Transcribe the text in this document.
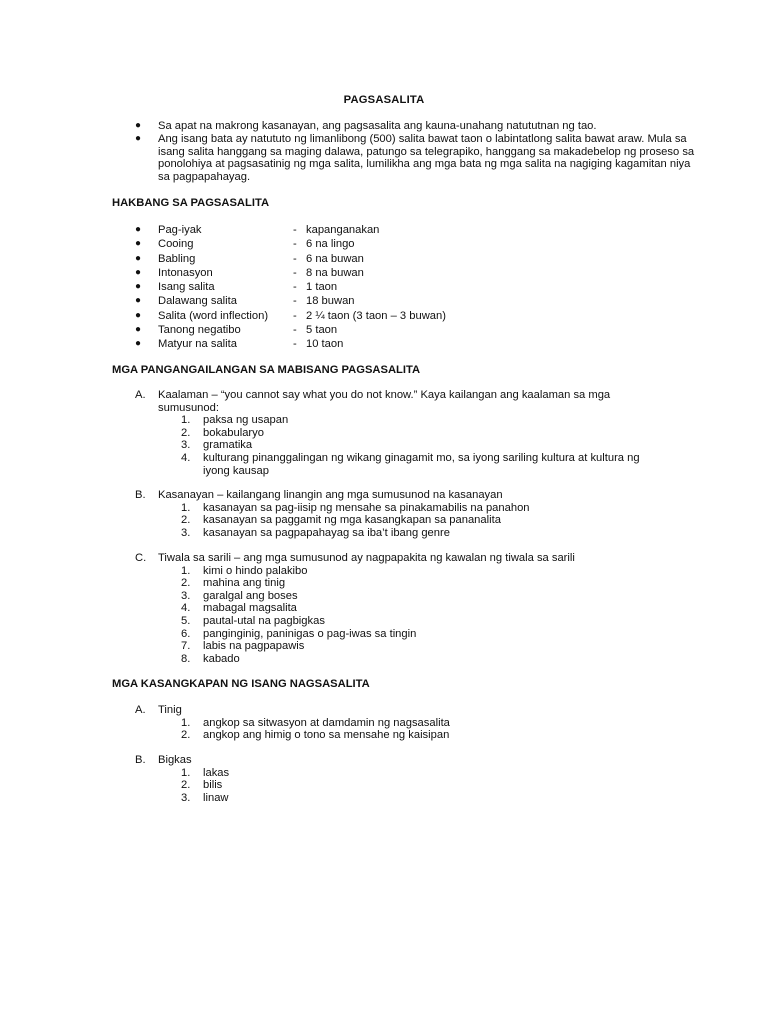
PAGSASALITA
●	Sa apat na makrong kasanayan, ang pagsasalita ang kauna-unahang natututnan ng tao.
●	Ang isang bata ay natututo ng limanlibong (500) salita bawat taon o labintatlong salita bawat araw. Mula sa isang salita hanggang sa maging dalawa, patungo sa telegrapiko, hanggang sa makadebelop ng proseso sa ponolohiya at pagsasatinig ng mga salita, lumilikha ang mga bata ng mga salita na nagiging kagamitan niya sa pagpapahayag.
HAKBANG SA PAGSASALITA
●	Pag-iyak	- kapanganakan
●	Cooing	- 6 na lingo
●	Babling	- 6 na buwan
●	Intonasyon	- 8 na buwan
●	Isang salita	- 1 taon
●	Dalawang salita	- 18 buwan
●	Salita (word inflection)	- 2 ¼ taon (3 taon – 3 buwan)
●	Tanong negatibo	- 5 taon
●	Matyur na salita	- 10 taon
MGA PANGANGAILANGAN SA MABISANG PAGSASALITA
A.	Kaalaman – “you cannot say what you do not know.” Kaya kailangan ang kaalaman sa mga sumusunod:
1.	paksa ng usapan
2.	bokabularyo
3.	gramatika
4.	kulturang pinanggalingan ng wikang ginagamit mo, sa iyong sariling kultura at kultura ng iyong kausap
B.	Kasanayan – kailangang linangin ang mga sumusunod na kasanayan
1.	kasanayan sa pag-iisip ng mensahe sa pinakamabilis na panahon
2.	kasanayan sa paggamit ng mga kasangkapan sa pananalita
3.	kasanayan sa pagpapahayag sa iba’t ibang genre
C.	Tiwala sa sarili – ang mga sumusunod ay nagpapakita ng kawalan ng tiwala sa sarili
1.	kimi o hindo palakibo
2.	mahina ang tinig
3.	garalgal ang boses
4.	mabagal magsalita
5.	pautal-utal na pagbigkas
6.	panginginig, paninigas o pag-iwas sa tingin
7.	labis na pagpapawis
8.	kabado
MGA KASANGKAPAN NG ISANG NAGSASALITA
A.	Tinig
1.	angkop sa sitwasyon at damdamin ng nagsasalita
2.	angkop ang himig o tono sa mensahe ng kaisipan
B.	Bigkas
1.	lakas
2.	bilis
3.	linaw
